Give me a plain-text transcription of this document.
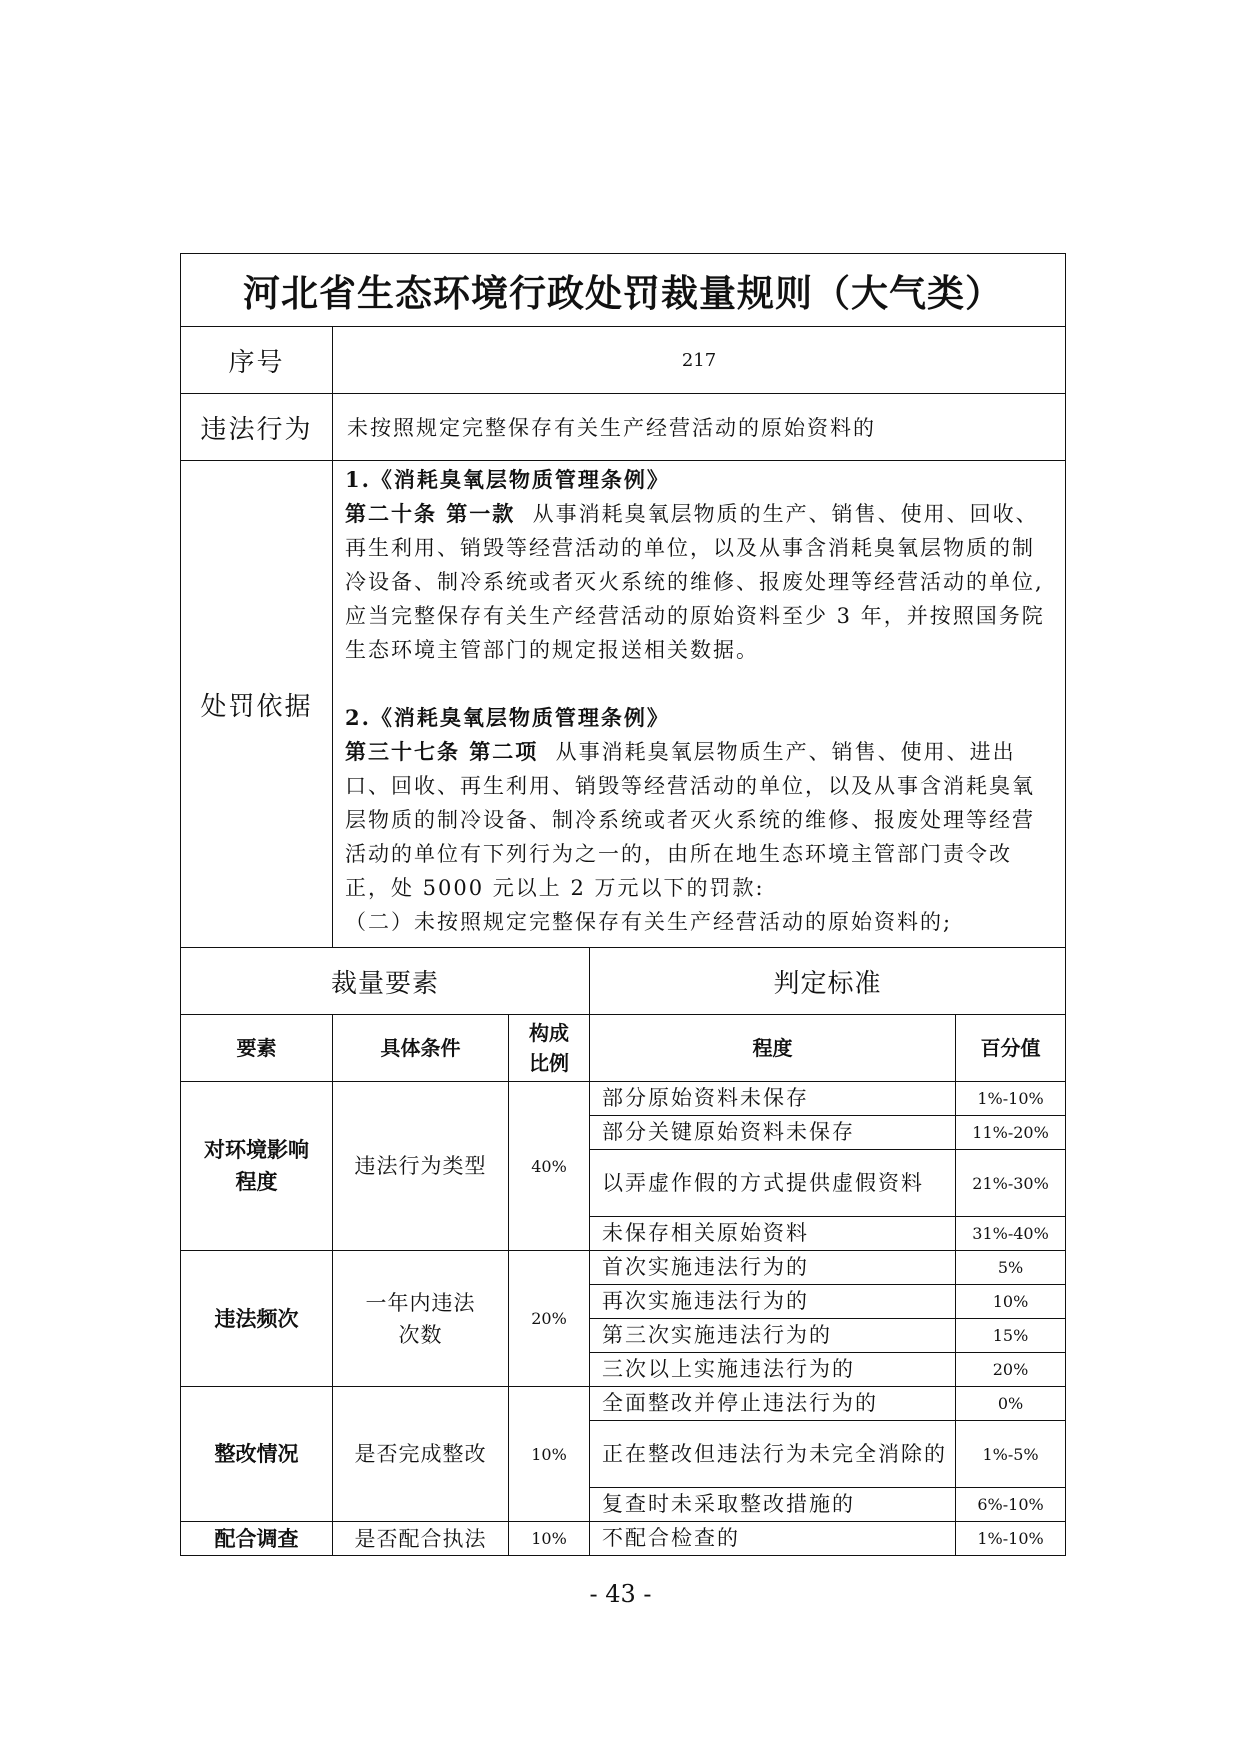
河北省生态环境行政处罚裁量规则（大气类）				
序号	217			
违法行为	未按照规定完整保存有关生产经营活动的原始资料的			
处罚依据	1.《消耗臭氧层物质管理条例》
第二十条 第一款 从事消耗臭氧层物质的生产、销售、使用、回收、再生利用、销毁等经营活动的单位，以及从事含消耗臭氧层物质的制冷设备、制冷系统或者灭火系统的维修、报废处理等经营活动的单位,应当完整保存有关生产经营活动的原始资料至少 3 年，并按照国务院生态环境主管部门的规定报送相关数据。
2.《消耗臭氧层物质管理条例》
第三十七条 第二项 从事消耗臭氧层物质生产、销售、使用、进出口、回收、再生利用、销毁等经营活动的单位，以及从事含消耗臭氧层物质的制冷设备、制冷系统或者灭火系统的维修、报废处理等经营活动的单位有下列行为之一的，由所在地生态环境主管部门责令改正，处 5000 元以上 2 万元以下的罚款:
（二）未按照规定完整保存有关生产经营活动的原始资料的;			
裁量要素			判定标准	
要素	具体条件	构成比例	程度	百分值
对环境影响程度	违法行为类型	40%	部分原始资料未保存	1%-10%
			部分关键原始资料未保存	11%-20%
			以弄虚作假的方式提供虚假资料	21%-30%
			未保存相关原始资料	31%-40%
违法频次	一年内违法次数	20%	首次实施违法行为的	5%
			再次实施违法行为的	10%
			第三次实施违法行为的	15%
			三次以上实施违法行为的	20%
整改情况	是否完成整改	10%	全面整改并停止违法行为的	0%
			正在整改但违法行为未完全消除的	1%-5%
			复查时未采取整改措施的	6%-10%
配合调查	是否配合执法	10%	不配合检查的	1%-10%
- 43 -
